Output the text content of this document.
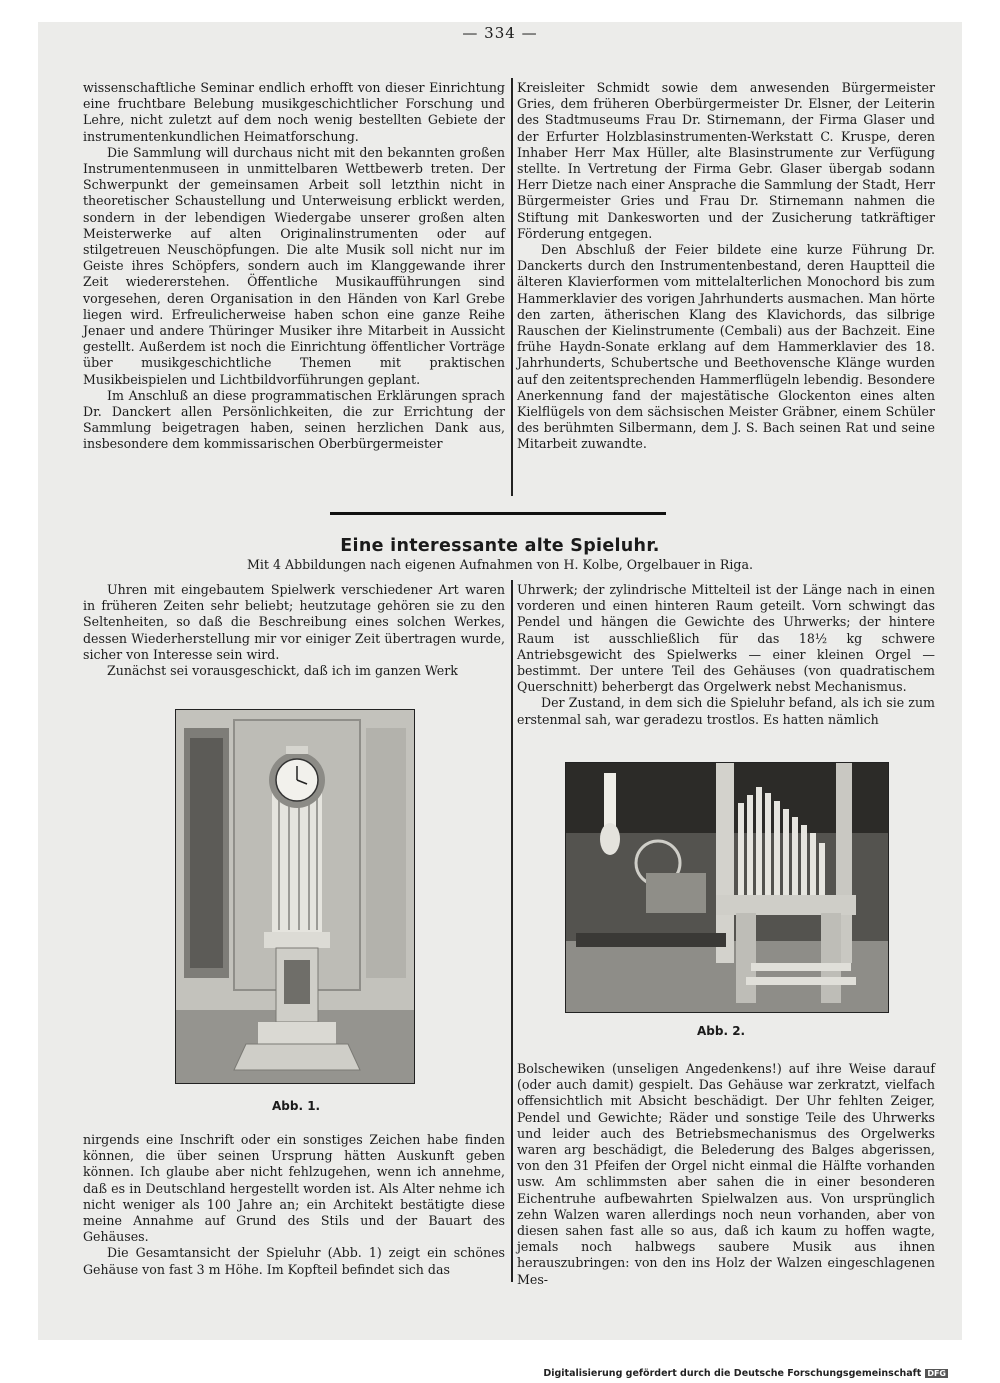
— 334 —

wissenschaftliche Seminar endlich erhofft von dieser Einrichtung eine fruchtbare Belebung musikgeschichtlicher Forschung und Lehre, nicht zuletzt auf dem noch wenig bestellten Gebiete der instrumentenkundlichen Heimatforschung.

Die Sammlung will durchaus nicht mit den bekannten großen Instrumentenmuseen in unmittelbaren Wettbewerb treten. Der Schwerpunkt der gemeinsamen Arbeit soll letzthin nicht in theoretischer Schaustellung und Unterweisung erblickt werden, sondern in der lebendigen Wiedergabe unserer großen alten Meisterwerke auf alten Originalinstrumenten oder auf stilgetreuen Neuschöpfungen. Die alte Musik soll nicht nur im Geiste ihres Schöpfers, sondern auch im Klanggewande ihrer Zeit wiedererstehen. Öffentliche Musikaufführungen sind vorgesehen, deren Organisation in den Händen von Karl Grebe liegen wird. Erfreulicherweise haben schon eine ganze Reihe Jenaer und andere Thüringer Musiker ihre Mitarbeit in Aussicht gestellt. Außerdem ist noch die Einrichtung öffentlicher Vorträge über musikgeschichtliche Themen mit praktischen Musikbeispielen und Lichtbildvorführungen geplant.

Im Anschluß an diese programmatischen Erklärungen sprach Dr. Danckert allen Persönlichkeiten, die zur Errichtung der Sammlung beigetragen haben, seinen herzlichen Dank aus, insbesondere dem kommissarischen Oberbürgermeister

Kreisleiter Schmidt sowie dem anwesenden Bürgermeister Gries, dem früheren Oberbürgermeister Dr. Elsner, der Leiterin des Stadtmuseums Frau Dr. Stirnemann, der Firma Glaser und der Erfurter Holzblasinstrumenten-Werkstatt C. Kruspe, deren Inhaber Herr Max Hüller, alte Blasinstrumente zur Verfügung stellte. In Vertretung der Firma Gebr. Glaser übergab sodann Herr Dietze nach einer Ansprache die Sammlung der Stadt, Herr Bürgermeister Gries und Frau Dr. Stirnemann nahmen die Stiftung mit Dankesworten und der Zusicherung tatkräftiger Förderung entgegen.

Den Abschluß der Feier bildete eine kurze Führung Dr. Danckerts durch den Instrumentenbestand, deren Hauptteil die älteren Klavierformen vom mittelalterlichen Monochord bis zum Hammerklavier des vorigen Jahrhunderts ausmachen. Man hörte den zarten, ätherischen Klang des Klavichords, das silbrige Rauschen der Kielinstrumente (Cembali) aus der Bachzeit. Eine frühe Haydn-Sonate erklang auf dem Hammerklavier des 18. Jahrhunderts, Schubertsche und Beethovensche Klänge wurden auf den zeitentsprechenden Hammerflügeln lebendig. Besondere Anerkennung fand der majestätische Glockenton eines alten Kielflügels von dem sächsischen Meister Gräbner, einem Schüler des berühmten Silbermann, dem J. S. Bach seinen Rat und seine Mitarbeit zuwandte.

Eine interessante alte Spieluhr.
Mit 4 Abbildungen nach eigenen Aufnahmen von H. Kolbe, Orgelbauer in Riga.

Uhren mit eingebautem Spielwerk verschiedener Art waren in früheren Zeiten sehr beliebt; heutzutage gehören sie zu den Seltenheiten, so daß die Beschreibung eines solchen Werkes, dessen Wiederherstellung mir vor einiger Zeit übertragen wurde, sicher von Interesse sein wird.

Zunächst sei vorausgeschickt, daß ich im ganzen Werk

Uhrwerk; der zylindrische Mittelteil ist der Länge nach in einen vorderen und einen hinteren Raum geteilt. Vorn schwingt das Pendel und hängen die Gewichte des Uhrwerks; der hintere Raum ist ausschließlich für das 18½ kg schwere Antriebsgewicht des Spielwerks — einer kleinen Orgel — bestimmt. Der untere Teil des Gehäuses (von quadratischem Querschnitt) beherbergt das Orgelwerk nebst Mechanismus.

Der Zustand, in dem sich die Spieluhr befand, als ich sie zum erstenmal sah, war geradezu trostlos. Es hatten nämlich

Abb. 1.
Abb. 2.

nirgends eine Inschrift oder ein sonstiges Zeichen habe finden können, die über seinen Ursprung hätten Auskunft geben können. Ich glaube aber nicht fehlzugehen, wenn ich annehme, daß es in Deutschland hergestellt worden ist. Als Alter nehme ich nicht weniger als 100 Jahre an; ein Architekt bestätigte diese meine Annahme auf Grund des Stils und der Bauart des Gehäuses.

Die Gesamtansicht der Spieluhr (Abb. 1) zeigt ein schönes Gehäuse von fast 3 m Höhe. Im Kopfteil befindet sich das

Bolschewiken (unseligen Angedenkens!) auf ihre Weise darauf (oder auch damit) gespielt. Das Gehäuse war zerkratzt, vielfach offensichtlich mit Absicht beschädigt. Der Uhr fehlten Zeiger, Pendel und Gewichte; Räder und sonstige Teile des Uhrwerks und leider auch des Betriebsmechanismus des Orgelwerks waren arg beschädigt, die Belederung des Balges abgerissen, von den 31 Pfeifen der Orgel nicht einmal die Hälfte vorhanden usw. Am schlimmsten aber sahen die in einer besonderen Eichentruhe aufbewahrten Spielwalzen aus. Von ursprünglich zehn Walzen waren allerdings noch neun vorhanden, aber von diesen sahen fast alle so aus, daß ich kaum zu hoffen wagte, jemals noch halbwegs saubere Musik aus ihnen herauszubringen: von den ins Holz der Walzen eingeschlagenen Mes-

Digitalisierung gefördert durch die Deutsche Forschungsgemeinschaft DFG
